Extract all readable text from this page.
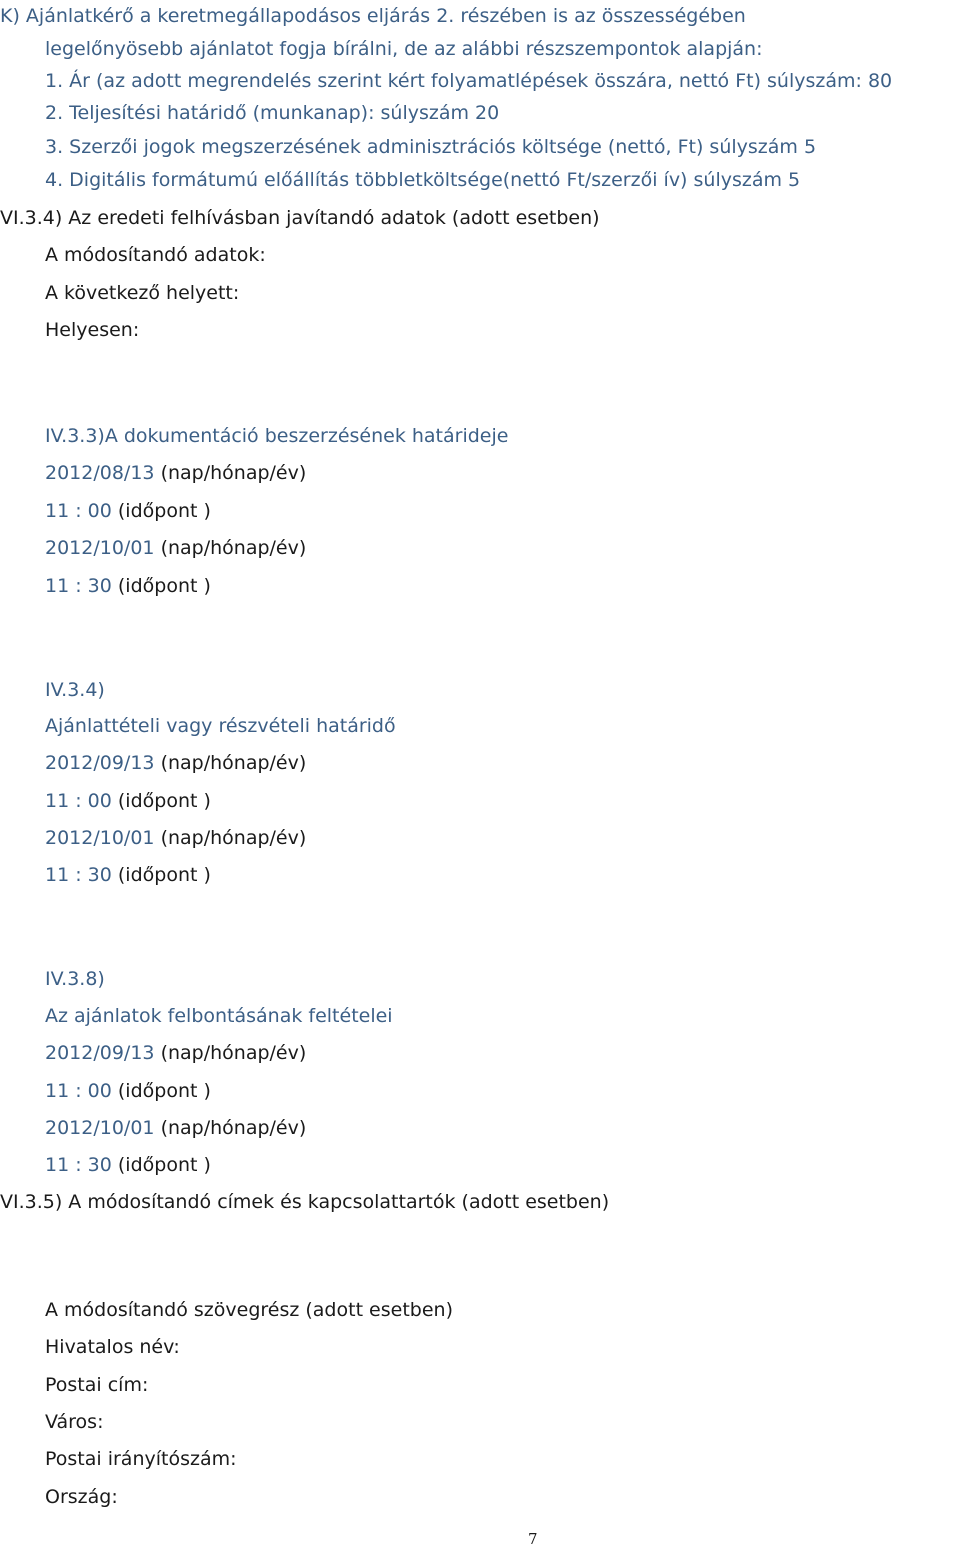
K) Ajánlatkérő a keretmegállapodásos eljárás 2. részében is az összességében
legelőnyösebb ajánlatot fogja bírálni, de az alábbi részszempontok alapján:
1. Ár (az adott megrendelés szerint kért folyamatlépések összára, nettó Ft) súlyszám: 80
2. Teljesítési határidő (munkanap): súlyszám 20
3. Szerzői jogok megszerzésének adminisztrációs költsége (nettó, Ft) súlyszám 5
4. Digitális formátumú előállítás többletköltsége(nettó Ft/szerzői ív) súlyszám 5
VI.3.4) Az eredeti felhívásban javítandó adatok (adott esetben)
A módosítandó adatok:
A következő helyett:
Helyesen:
IV.3.3)A dokumentáció beszerzésének határideje
2012/08/13 (nap/hónap/év)
11 : 00 (időpont )
2012/10/01 (nap/hónap/év)
11 : 30 (időpont )
IV.3.4)
Ajánlattételi vagy részvételi határidő
2012/09/13 (nap/hónap/év)
11 : 00 (időpont )
2012/10/01 (nap/hónap/év)
11 : 30 (időpont )
IV.3.8)
Az ajánlatok felbontásának feltételei
2012/09/13 (nap/hónap/év)
11 : 00 (időpont )
2012/10/01 (nap/hónap/év)
11 : 30 (időpont )
VI.3.5) A módosítandó címek és kapcsolattartók (adott esetben)
A módosítandó szövegrész (adott esetben)
Hivatalos név:
Postai cím:
Város:
Postai irányítószám:
Ország:
7
